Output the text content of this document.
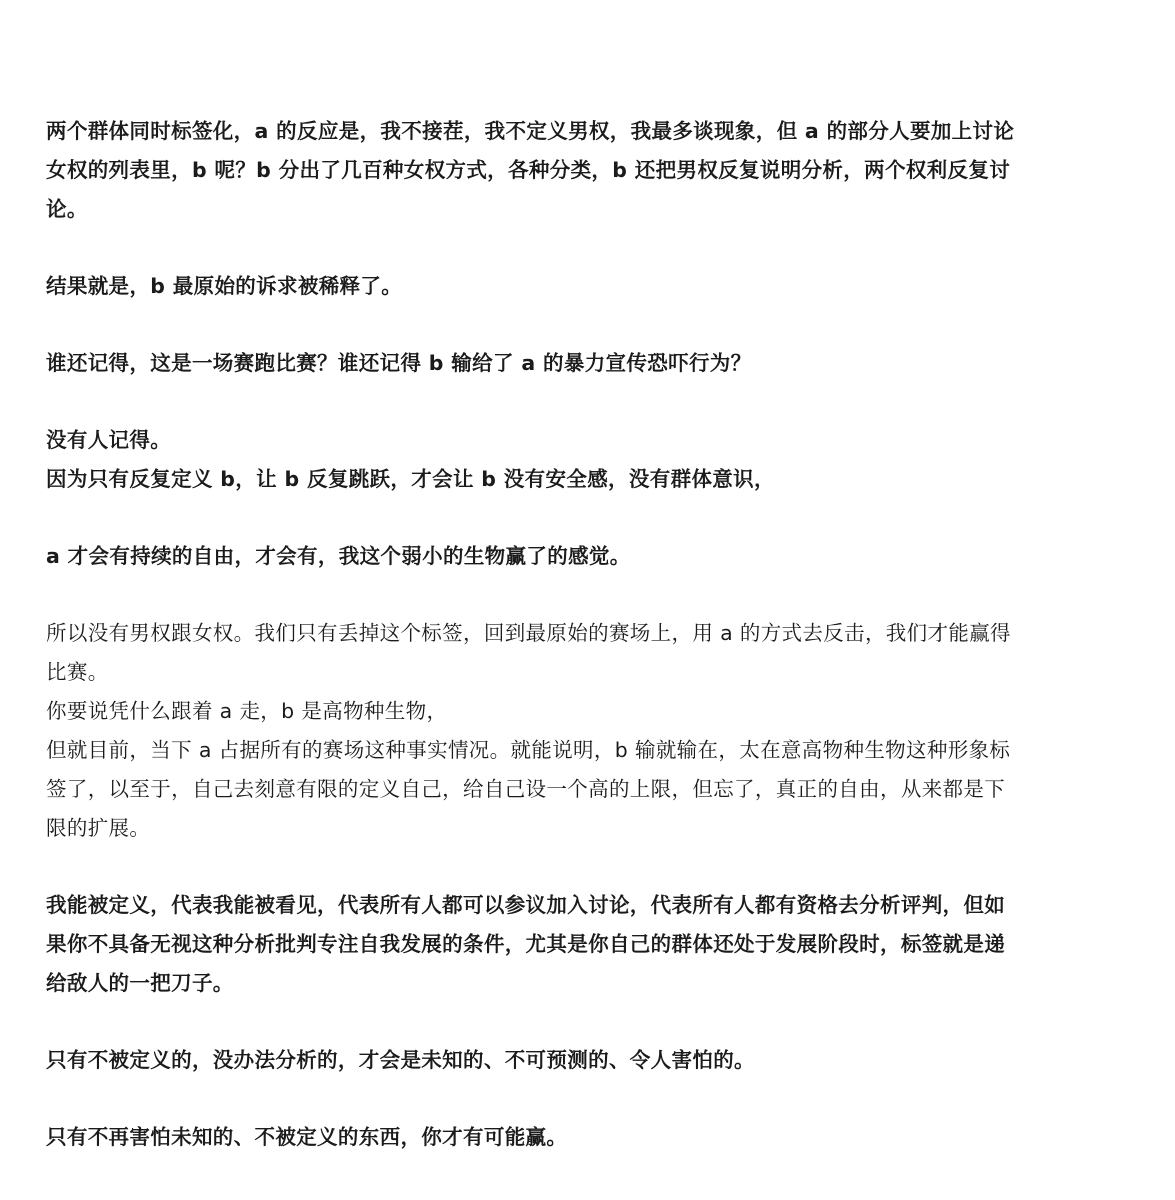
两个群体同时标签化，a 的反应是，我不接茬，我不定义男权，我最多谈现象，但 a 的部分人要加上讨论
女权的列表里，b 呢？b 分出了几百种女权方式，各种分类，b 还把男权反复说明分析，两个权利反复讨
论。
结果就是，b 最原始的诉求被稀释了。
谁还记得，这是一场赛跑比赛？谁还记得 b 输给了 a 的暴力宣传恐吓行为？
没有人记得。
因为只有反复定义 b，让 b 反复跳跃，才会让 b 没有安全感，没有群体意识，
a 才会有持续的自由，才会有，我这个弱小的生物赢了的感觉。
所以没有男权跟女权。我们只有丢掉这个标签，回到最原始的赛场上，用 a 的方式去反击，我们才能赢得
比赛。
你要说凭什么跟着 a 走，b 是高物种生物，
但就目前，当下 a 占据所有的赛场这种事实情况。就能说明，b 输就输在，太在意高物种生物这种形象标
签了，以至于，自己去刻意有限的定义自己，给自己设一个高的上限，但忘了，真正的自由，从来都是下
限的扩展。
我能被定义，代表我能被看见，代表所有人都可以参议加入讨论，代表所有人都有资格去分析评判，但如
果你不具备无视这种分析批判专注自我发展的条件，尤其是你自己的群体还处于发展阶段时，标签就是递
给敌人的一把刀子。
只有不被定义的，没办法分析的，才会是未知的、不可预测的、令人害怕的。
只有不再害怕未知的、不被定义的东西，你才有可能赢。
